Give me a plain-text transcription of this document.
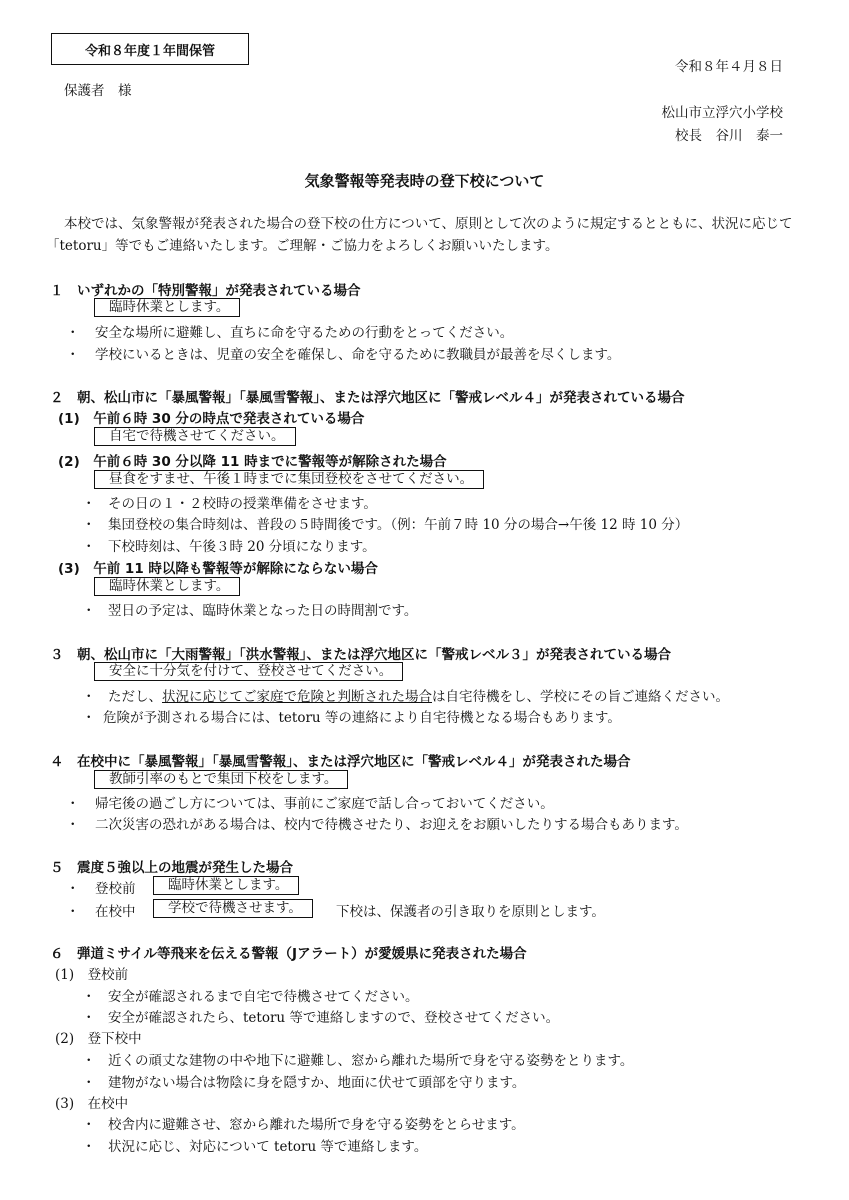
令和８年度１年間保管
令和８年４月８日
保護者　様
松山市立浮穴小学校
校長　谷川　泰一
気象警報等発表時の登下校について
本校では、気象警報が発表された場合の登下校の仕方について、原則として次のように規定するとともに、状況に応じて「tetoru」等でもご連絡いたします。ご理解・ご協力をよろしくお願いいたします。
１　いずれかの「特別警報」が発表されている場合
臨時休業とします。
・ 安全な場所に避難し、直ちに命を守るための行動をとってください。
・ 学校にいるときは、児童の安全を確保し、命を守るために教職員が最善を尽くします。
２　朝、松山市に「暴風警報」「暴風雪警報」、または浮穴地区に「警戒レベル４」が発表されている場合
(1)　午前６時 30 分の時点で発表されている場合
自宅で待機させてください。
(2)　午前６時 30 分以降 11 時までに警報等が解除された場合
昼食をすませ、午後１時までに集団登校をさせてください。
・ その日の１・２校時の授業準備をさせます。
・ 集団登校の集合時刻は、普段の５時間後です。（例：午前７時 10 分の場合→午後 12 時 10 分）
・ 下校時刻は、午後３時 20 分頃になります。
(3)　午前 11 時以降も警報等が解除にならない場合
臨時休業とします。
・ 翌日の予定は、臨時休業となった日の時間割です。
３　朝、松山市に「大雨警報」「洪水警報」、または浮穴地区に「警戒レベル３」が発表されている場合
安全に十分気を付けて、登校させてください。
・ ただし、状況に応じてご家庭で危険と判断された場合は自宅待機をし、学校にその旨ご連絡ください。
・ 危険が予測される場合には、tetoru 等の連絡により自宅待機となる場合もあります。
４　在校中に「暴風警報」「暴風雪警報」、または浮穴地区に「警戒レベル４」が発表された場合
教師引率のもとで集団下校をします。
・ 帰宅後の過ごし方については、事前にご家庭で話し合っておいてください。
・ 二次災害の恐れがある場合は、校内で待機させたり、お迎えをお願いしたりする場合もあります。
５　震度５強以上の地震が発生した場合
・ 登校前	臨時休業とします。
・ 在校中	学校で待機させます。	下校は、保護者の引き取りを原則とします。
６　弾道ミサイル等飛来を伝える警報（Jアラート）が愛媛県に発表された場合
(1)　登校前
・ 安全が確認されるまで自宅で待機させてください。
・ 安全が確認されたら、tetoru 等で連絡しますので、登校させてください。
(2)　登下校中
・ 近くの頑丈な建物の中や地下に避難し、窓から離れた場所で身を守る姿勢をとります。
・ 建物がない場合は物陰に身を隠すか、地面に伏せて頭部を守ります。
(3)　在校中
・ 校舎内に避難させ、窓から離れた場所で身を守る姿勢をとらせます。
・ 状況に応じ、対応について tetoru 等で連絡します。
